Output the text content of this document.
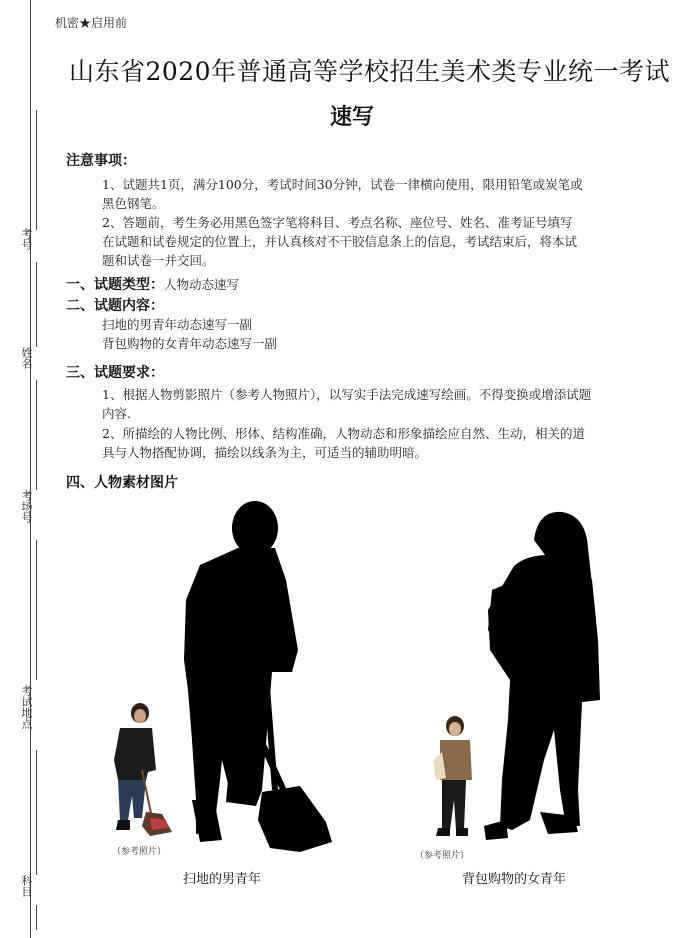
考号
姓名
考场号
考试地点
科目
机密★启用前
山东省2020年普通高等学校招生美术类专业统一考试
速写
注意事项：
1、试题共1页，满分100分，考试时间30分钟，试卷一律横向使用，限用铅笔或炭笔或
黑色钢笔。
2、答题前，考生务必用黑色签字笔将科目、考点名称、座位号、姓名、准考证号填写
在试题和试卷规定的位置上，并认真核对不干胶信息条上的信息，考试结束后，将本试
题和试卷一并交回。
一、试题类型：人物动态速写
二、试题内容：
扫地的男青年动态速写一副
背包购物的女青年动态速写一副
三、试题要求：
1、根据人物剪影照片（参考人物照片），以写实手法完成速写绘画。不得变换或增添试题
内容.
2、所描绘的人物比例、形体、结构准确，人物动态和形象描绘应自然、生动，相关的道
具与人物搭配协调，描绘以线条为主，可适当的辅助明暗。
四、人物素材图片
（参考照片）
扫地的男青年
（参考照片）
背包购物的女青年
